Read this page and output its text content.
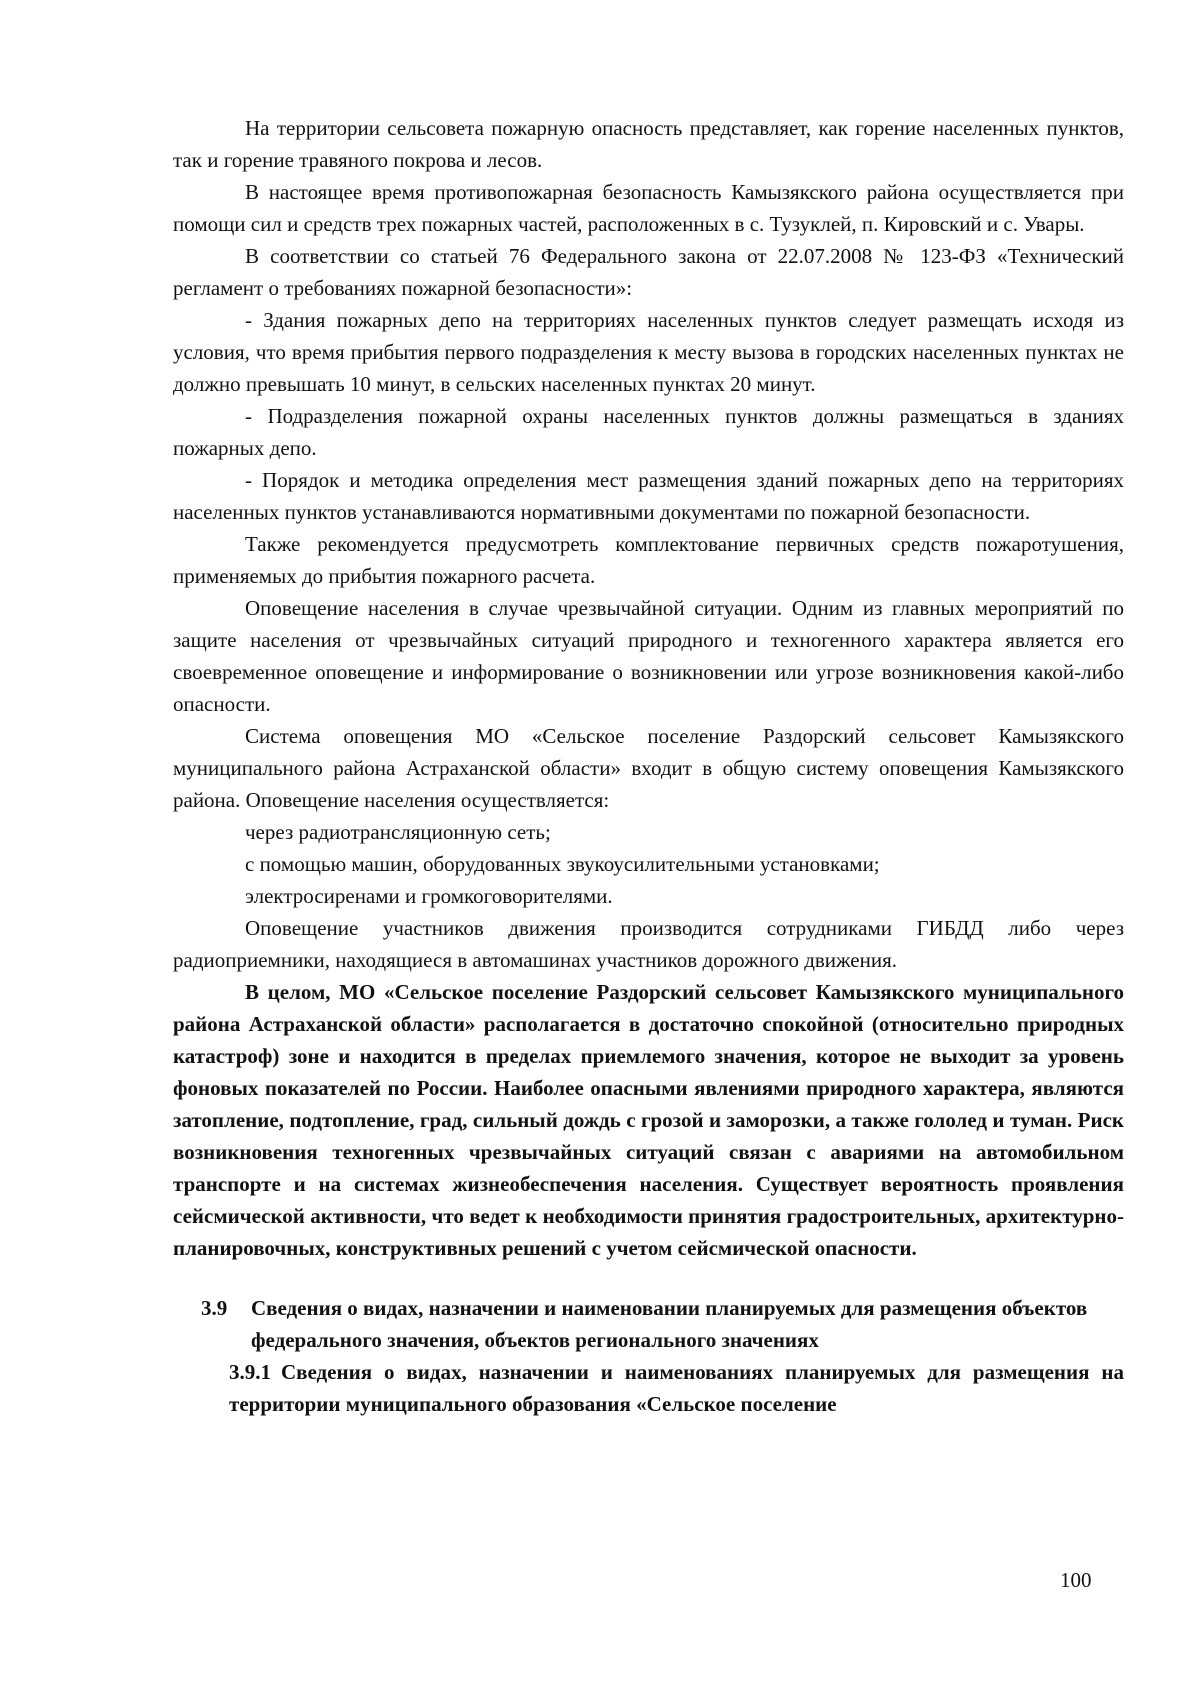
На территории сельсовета пожарную опасность представляет, как горение населенных пунктов, так и горение травяного покрова и лесов.

В настоящее время противопожарная безопасность Камызякского района осуществляется при помощи сил и средств трех пожарных частей, расположенных в с. Тузуклей, п. Кировский и с. Увары.

В соответствии со статьей 76 Федерального закона от 22.07.2008 № 123-ФЗ «Технический регламент о требованиях пожарной безопасности»:

- Здания пожарных депо на территориях населенных пунктов следует размещать исходя из условия, что время прибытия первого подразделения к месту вызова в городских населенных пунктах не должно превышать 10 минут, в сельских населенных пунктах 20 минут.

- Подразделения пожарной охраны населенных пунктов должны размещаться в зданиях пожарных депо.

- Порядок и методика определения мест размещения зданий пожарных депо на территориях населенных пунктов устанавливаются нормативными документами по пожарной безопасности.

Также рекомендуется предусмотреть комплектование первичных средств пожаротушения, применяемых до прибытия пожарного расчета.

Оповещение населения в случае чрезвычайной ситуации. Одним из главных мероприятий по защите населения от чрезвычайных ситуаций природного и техногенного характера является его своевременное оповещение и информирование о возникновении или угрозе возникновения какой-либо опасности.

Система оповещения МО «Сельское поселение Раздорский сельсовет Камызякского муниципального района Астраханской области» входит в общую систему оповещения Камызякского района. Оповещение населения осуществляется:

через радиотрансляционную сеть;

с помощью машин, оборудованных звукоусилительными установками;

электросиренами и громкоговорителями.

Оповещение участников движения производится сотрудниками ГИБДД либо через радиоприемники, находящиеся в автомашинах участников дорожного движения.

В целом, МО «Сельское поселение Раздорский сельсовет Камызякского муниципального района Астраханской области» располагается в достаточно спокойной (относительно природных катастроф) зоне и находится в пределах приемлемого значения, которое не выходит за уровень фоновых показателей по России. Наиболее опасными явлениями природного характера, являются затопление, подтопление, град, сильный дождь с грозой и заморозки, а также гололед и туман. Риск возникновения техногенных чрезвычайных ситуаций связан с авариями на автомобильном транспорте и на системах жизнеобеспечения населения. Существует вероятность проявления сейсмической активности, что ведет к необходимости принятия градостроительных, архитектурно-планировочных, конструктивных решений с учетом сейсмической опасности.

3.9	Сведения о видах, назначении и наименовании планируемых для размещения объектов федерального значения, объектов регионального значениях

3.9.1 Сведения о видах, назначении и наименованиях планируемых для размещения на территории муниципального образования «Сельское поселение

100
